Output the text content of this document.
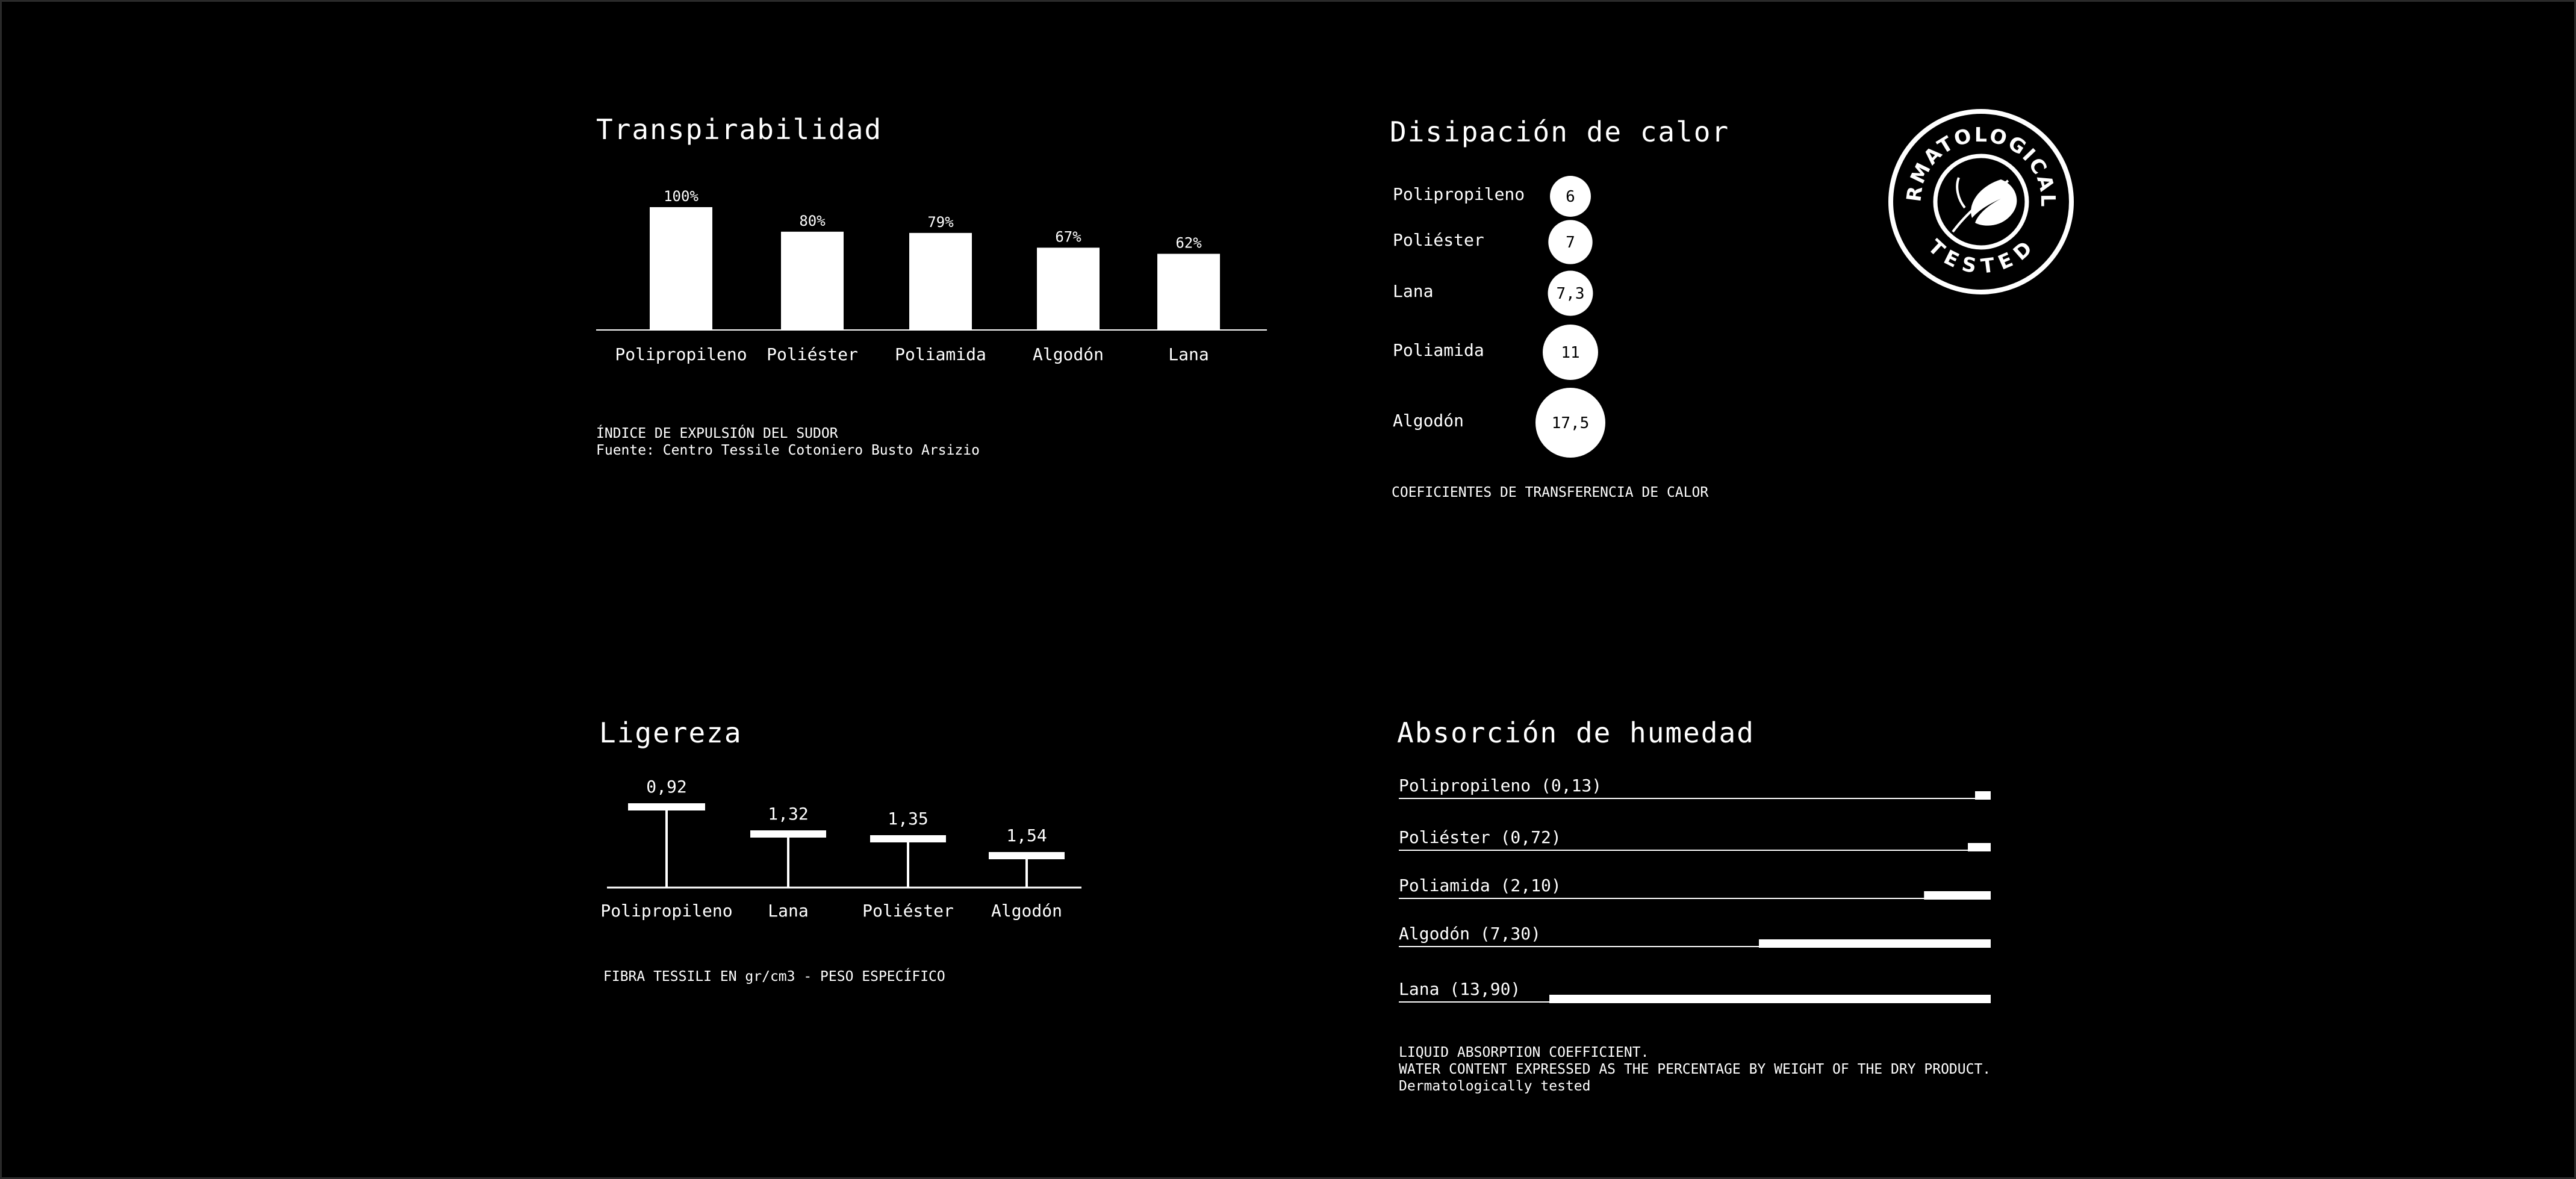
Transpirabilidad
100%
Polipropileno
80%
Poliéster
79%
Poliamida
67%
Algodón
62%
Lana
ÍNDICE DE EXPULSIÓN DEL SUDOR
Fuente: Centro Tessile Cotoniero Busto Arsizio
Disipación de calor
6
Polipropileno
7
Poliéster
7,3
Lana
11
Poliamida
17,5
Algodón
COEFICIENTES DE TRANSFERENCIA DE CALOR
Ligereza
0,92
Polipropileno
1,32
Lana
1,35
Poliéster
1,54
Algodón
FIBRA TESSILI EN gr/cm3 - PESO ESPECÍFICO
Absorción de humedad
Polipropileno (0,13)
Poliéster (0,72)
Poliamida (2,10)
Algodón (7,30)
Lana (13,90)
LIQUID ABSORPTION COEFFICIENT.
WATER CONTENT EXPRESSED AS THE PERCENTAGE BY WEIGHT OF THE DRY PRODUCT.
Dermatologically tested
DERMATOLOGICALLY
TESTED
